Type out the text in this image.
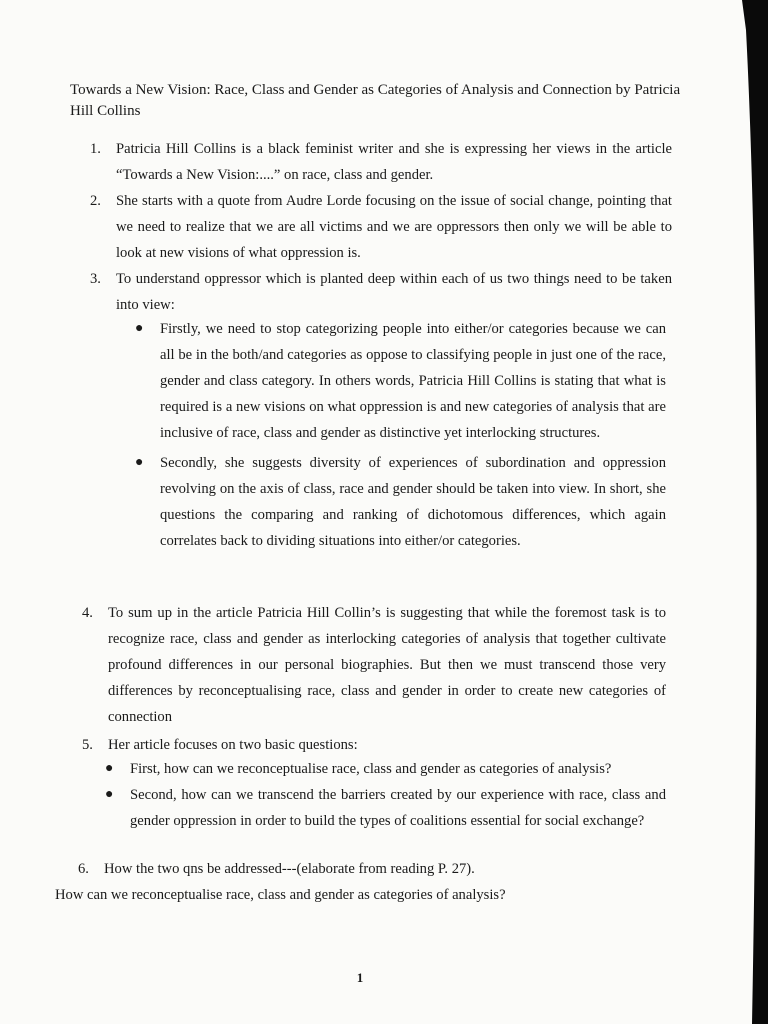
Towards a New Vision: Race, Class and Gender as Categories of Analysis and Connection by Patricia Hill Collins
1. Patricia Hill Collins is a black feminist writer and she is expressing her views in the article “Towards a New Vision:....” on race, class and gender.
2. She starts with a quote from Audre Lorde focusing on the issue of social change, pointing that we need to realize that we are all victims and we are oppressors then only we will be able to look at new visions of what oppression is.
3. To understand oppressor which is planted deep within each of us two things need to be taken into view:
● Firstly, we need to stop categorizing people into either/or categories because we can all be in the both/and categories as oppose to classifying people in just one of the race, gender and class category. In others words, Patricia Hill Collins is stating that what is required is a new visions on what oppression is and new categories of analysis that are inclusive of race, class and gender as distinctive yet interlocking structures.
● Secondly, she suggests diversity of experiences of subordination and oppression revolving on the axis of class, race and gender should be taken into view. In short, she questions the comparing and ranking of dichotomous differences, which again correlates back to dividing situations into either/or categories.
4. To sum up in the article Patricia Hill Collin’s is suggesting that while the foremost task is to recognize race, class and gender as interlocking categories of analysis that together cultivate profound differences in our personal biographies. But then we must transcend those very differences by reconceptualising race, class and gender in order to create new categories of connection
5. Her article focuses on two basic questions:
● First, how can we reconceptualise race, class and gender as categories of analysis?
● Second, how can we transcend the barriers created by our experience with race, class and gender oppression in order to build the types of coalitions essential for social exchange?
6. How the two qns be addressed---(elaborate from reading P. 27).
How can we reconceptualise race, class and gender as categories of analysis?
1
